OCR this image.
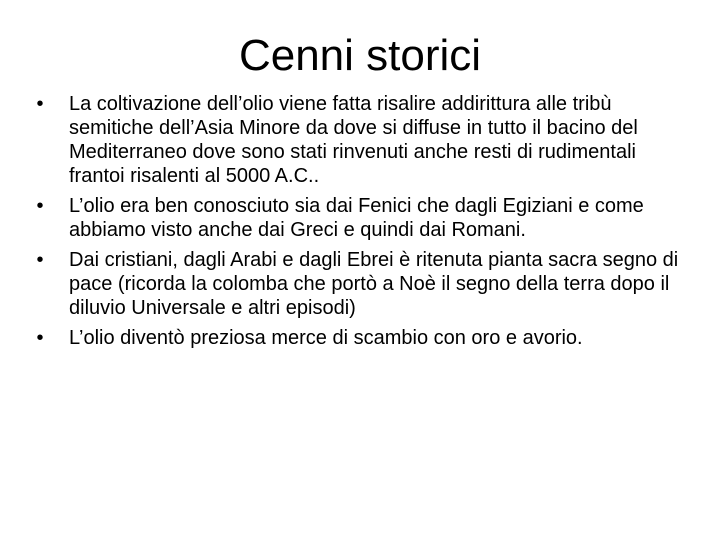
Cenni storici
•	La coltivazione dell’olio viene fatta risalire addirittura alle tribù semitiche dell’Asia Minore da dove si diffuse in tutto il bacino del Mediterraneo dove sono stati rinvenuti anche resti di rudimentali frantoi risalenti al 5000 A.C..
•	L’olio era ben conosciuto sia dai Fenici che dagli Egiziani e come abbiamo visto anche dai Greci e quindi dai Romani.
•	Dai cristiani, dagli Arabi e dagli Ebrei è ritenuta pianta sacra segno di pace (ricorda la colomba che portò a Noè il segno della terra dopo il diluvio Universale e altri episodi)
•	L’olio diventò preziosa merce di scambio con oro e avorio.
